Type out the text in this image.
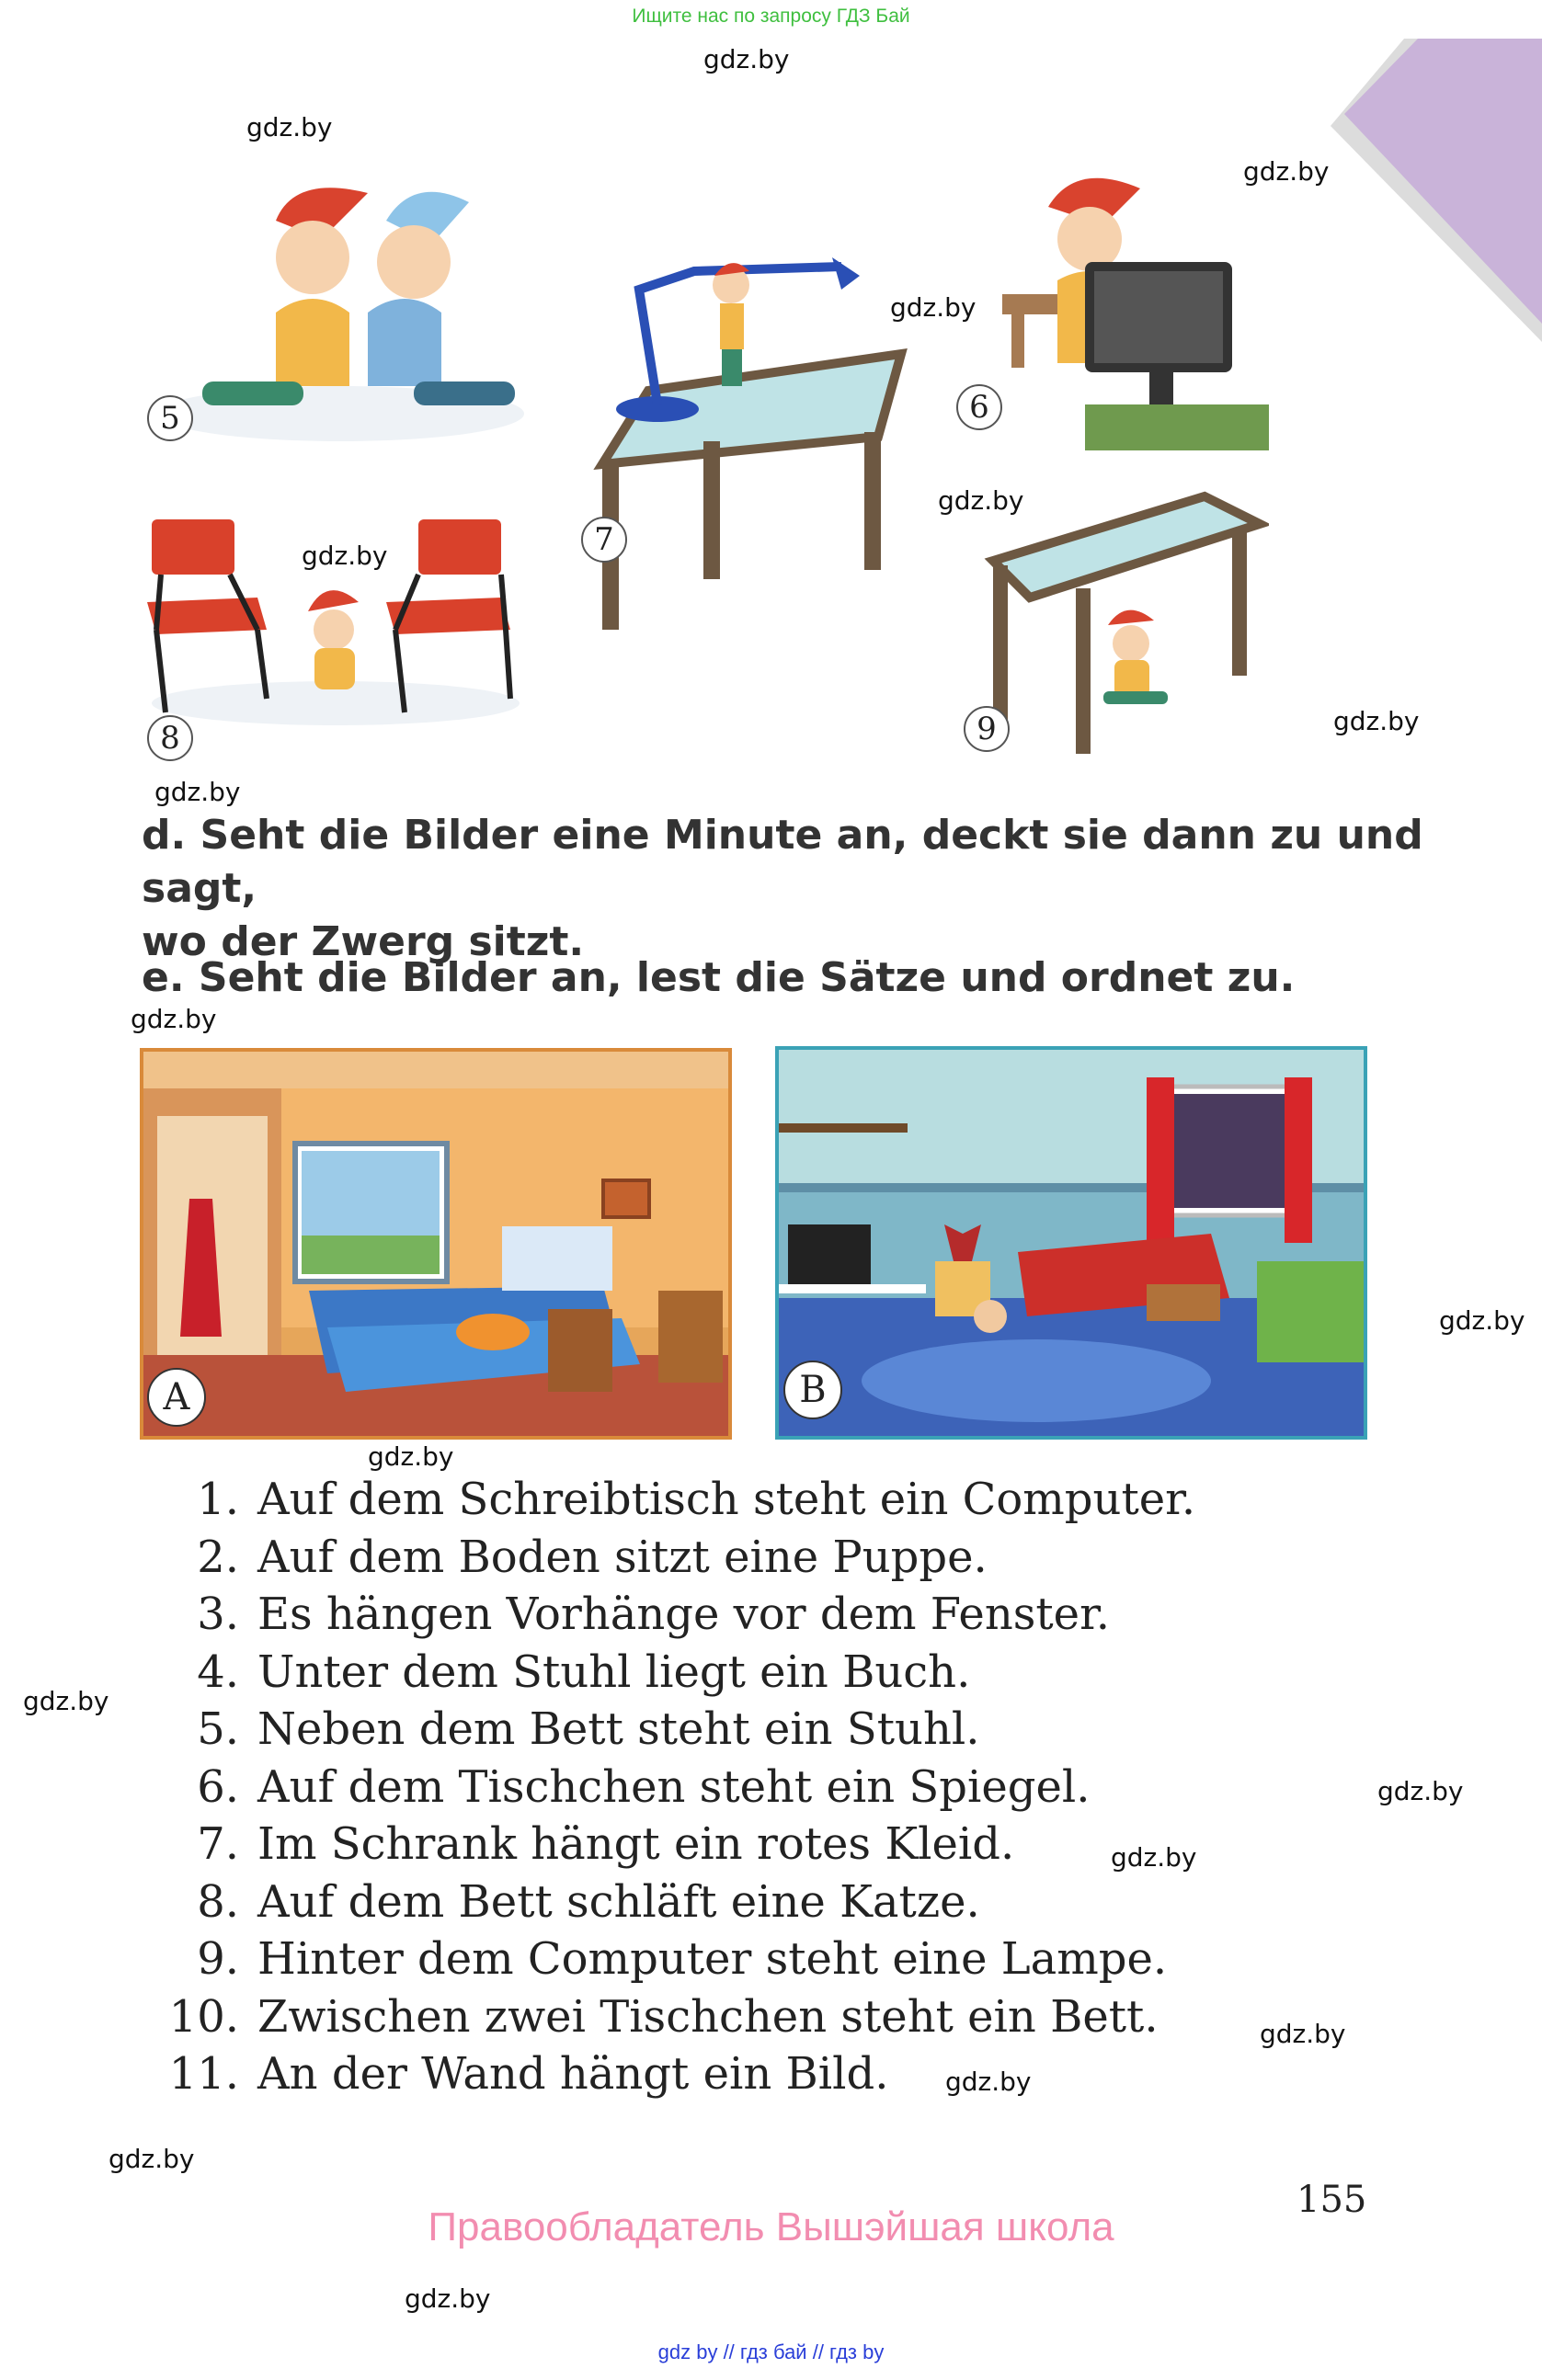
Ищите нас по запросу ГДЗ Бай
gdz.by
gdz.by
gdz.by
gdz.by
gdz.by
gdz.by
gdz.by
gdz.by
gdz.by
gdz.by
gdz.by
gdz.by
gdz.by
gdz.by
gdz.by
gdz.by
gdz.by
gdz.by
5
7
6
8	9
d. Seht die Bilder eine Minute an, deckt sie dann zu und sagt,
wo der Zwerg sitzt.
e. Seht die Bilder an, lest die Sätze und ordnet zu.
A	B
1. Auf dem Schreibtisch steht ein Computer.
2. Auf dem Boden sitzt eine Puppe.
3. Es hängen Vorhänge vor dem Fenster.
4. Unter dem Stuhl liegt ein Buch.
5. Neben dem Bett steht ein Stuhl.
6. Auf dem Tischchen steht ein Spiegel.
7. Im Schrank hängt ein rotes Kleid.
8. Auf dem Bett schläft eine Katze.
9. Hinter dem Computer steht eine Lampe.
10. Zwischen zwei Tischchen steht ein Bett.
11. An der Wand hängt ein Bild.
155
Правообладатель Вышэйшая школа
gdz by // гдз бай // гдз by
